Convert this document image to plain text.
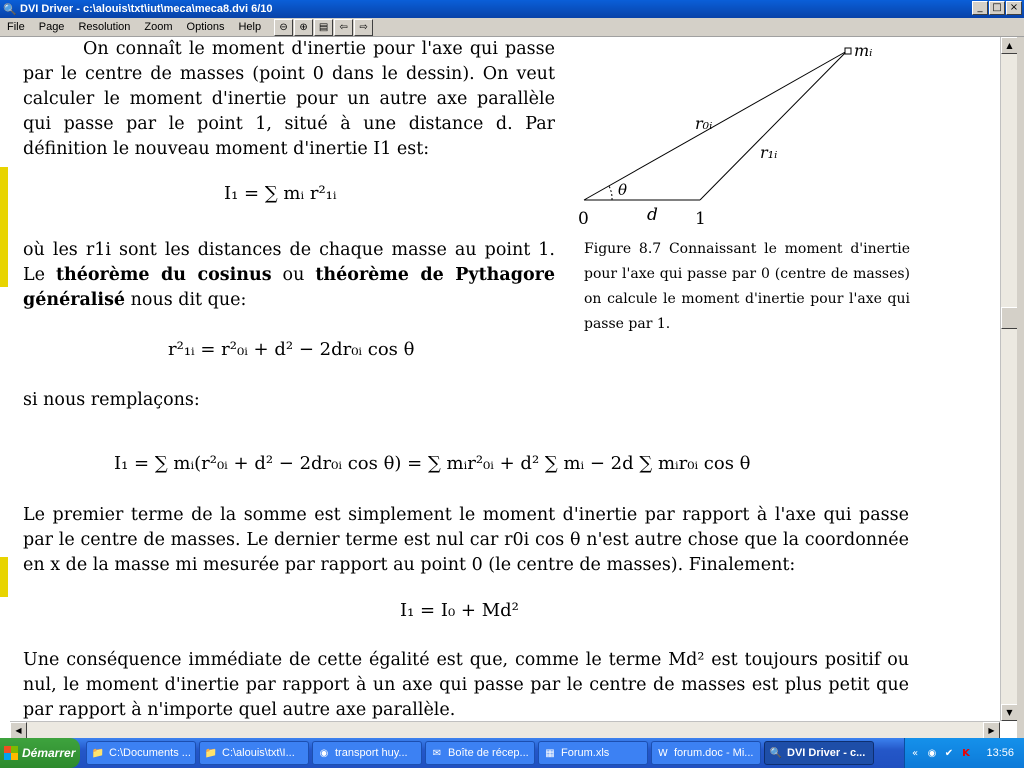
🔍 DVI Driver - c:\alouis\txt\iut\meca\meca8.dvi 6/10	_ □ ×
File	Page	Resolution	Zoom	Options	Help	⊖	⊕	▤	⇦	⇨

On connaît le moment d'inertie pour l'axe qui passe par le centre de masses (point 0 dans le dessin). On veut calculer le moment d'inertie pour un autre axe parallèle qui passe par le point 1, situé à une distance d. Par définition le nouveau moment d'inertie I1 est:

I₁ = ∑ mᵢ r²₁ᵢ

où les r1i sont les distances de chaque masse au point 1. Le théorème du cosinus ou théorème de Pythagore généralisé nous dit que:

r²₁ᵢ = r²₀ᵢ + d² − 2dr₀ᵢ cos θ

si nous remplaçons:

I₁ = ∑ mᵢ(r²₀ᵢ + d² − 2dr₀ᵢ cos θ) = ∑ mᵢr²₀ᵢ + d² ∑ mᵢ − 2d ∑ mᵢr₀ᵢ cos θ

Le premier terme de la somme est simplement le moment d'inertie par rapport à l'axe qui passe par le centre de masses. Le dernier terme est nul car r0i cos θ n'est autre chose que la coordonnée en x de la masse mi mesurée par rapport au point 0 (le centre de masses). Finalement:

I₁ = I₀ + Md²

Une conséquence immédiate de cette égalité est que, comme le terme Md² est toujours positif ou nul, le moment d'inertie par rapport à un axe qui passe par le centre de masses est plus petit que par rapport à n'importe quel autre axe parallèle.

mᵢ
r₀ᵢ
r₁ᵢ
θ
0	d 1
Figure 8.7 Connaissant le moment d'inertie pour l'axe qui passe par 0 (centre de masses) on calcule le moment d'inertie pour l'axe qui passe par 1.
▲
▼
◀	▶
Démarrer 📁 C:\Documents ... 📁 C:\alouis\txt\I... ◉ transport huy...	✉ Boîte de récep... ▦ Forum.xls	W forum.doc - Mi... 🔍 DVI Driver - c...	« ◉ ✔ K 13:56
